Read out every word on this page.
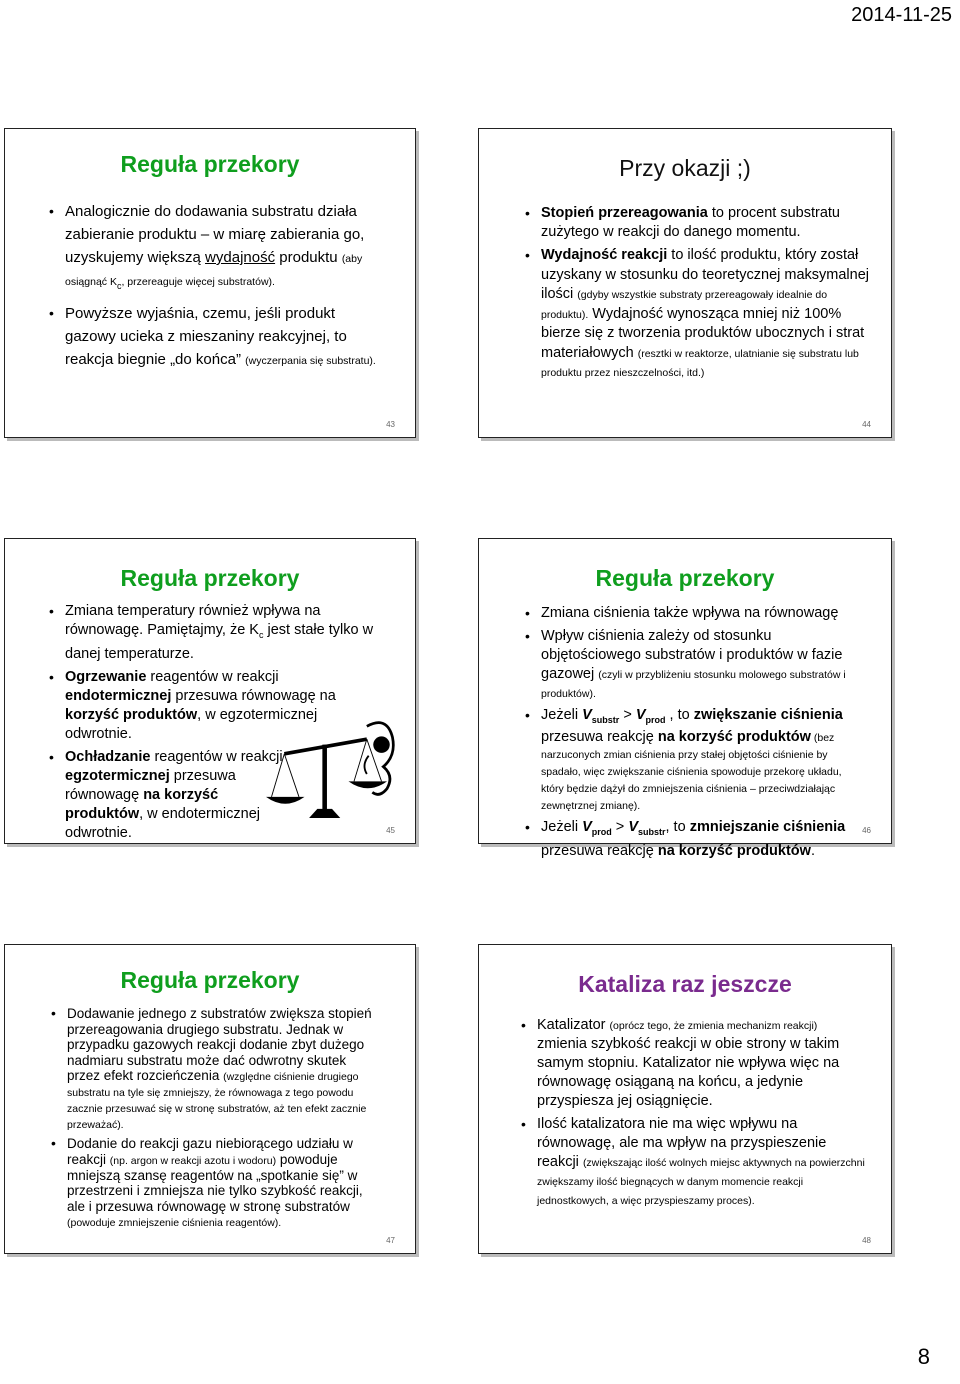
2014-11-25
Reguła przekory
• Analogicznie do dodawania substratu działa zabieranie produktu – w miarę zabierania go, uzyskujemy większą wydajność produktu (aby osiągnąć $K_c$, przereaguje więcej substratów).
• Powyższe wyjaśnia, czemu, jeśli produkt gazowy ucieka z mieszaniny reakcyjnej, to reakcja biegnie „do końca” (wyczerpania się substratu).
43
Przy okazji ;)
• Stopień przereagowania to procent substratu zużytego w reakcji do danego momentu.
• Wydajność reakcji to ilość produktu, który został uzyskany w stosunku do teoretycznej maksymalnej ilości (gdyby wszystkie substraty przereagowały idealnie do produktu). Wydajność wynosząca mniej niż 100% bierze się z tworzenia produktów ubocznych i strat materiałowych (resztki w reaktorze, ulatnianie się substratu lub produktu przez nieszczelności, itd.)
44
Reguła przekory
• Zmiana temperatury również wpływa na równowagę. Pamiętajmy, że $K_c$ jest stałe tylko w danej temperaturze.
• Ogrzewanie reagentów w reakcji endotermicznej przesuwa równowagę na korzyść produktów, w egzotermicznej odwrotnie.
• Ochładzanie reagentów w reakcji egzotermicznej przesuwa równowagę na korzyść produktów, w endotermicznej odwrotnie.	45
Reguła przekory
• Zmiana ciśnienia także wpływa na równowagę
• Wpływ ciśnienia zależy od stosunku objętościowego substratów i produktów w fazie gazowej (czyli w przybliżeniu stosunku molowego substratów i produktów).
• Jeżeli $V_{substr} > V_{prod}$ , to zwiększanie ciśnienia przesuwa reakcję na korzyść produktów (bez narzuconych zmian ciśnienia przy stałej objętości ciśnienie by spadało, więc zwiększanie ciśnienia spowoduje przekorę układu, który będzie dążył do zmniejszenia ciśnienia – przeciwdziałając zewnętrznej zmianę).
• Jeżeli $V_{prod} > V_{substr}$, to zmniejszanie ciśnienia przesuwa reakcję na korzyść produktów.
46
Reguła przekory
• Dodawanie jednego z substratów zwiększa stopień przereagowania drugiego substratu. Jednak w przypadku gazowych reakcji dodanie zbyt dużego nadmiaru substratu może dać odwrotny skutek przez efekt rozcieńczenia (względne ciśnienie drugiego substratu na tyle się zmniejszy, że równowaga z tego powodu zacznie przesuwać się w stronę substratów, aż ten efekt zacznie przeważać).
• Dodanie do reakcji gazu niebiorącego udziału w reakcji (np. argon w reakcji azotu i wodoru) powoduje mniejszą szansę reagentów na „spotkanie się” w przestrzeni i zmniejsza nie tylko szybkość reakcji, ale i przesuwa równowagę w stronę substratów (powoduje zmniejszenie ciśnienia reagentów).
47
Kataliza raz jeszcze
• Katalizator (oprócz tego, że zmienia mechanizm reakcji) zmienia szybkość reakcji w obie strony w takim samym stopniu. Katalizator nie wpływa więc na równowagę osiąganą na końcu, a jedynie przyspiesza jej osiągnięcie.
• Ilość katalizatora nie ma więc wpływu na równowagę, ale ma wpływ na przyspieszenie reakcji (zwiększając ilość wolnych miejsc aktywnych na powierzchni zwiększamy ilość biegnących w danym momencie reakcji jednostkowych, a więc przyspieszamy proces).
48
8
